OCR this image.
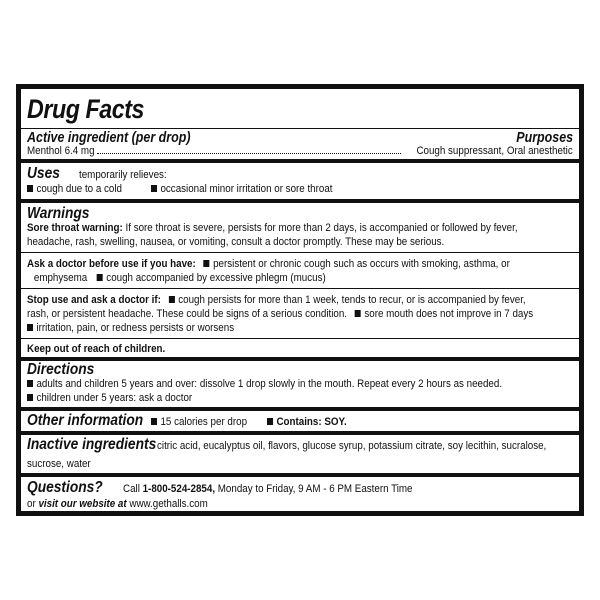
Drug Facts
Active ingredient (per drop)	Purposes
Menthol 6.4 mg	Cough suppressant, Oral anesthetic
Uses temporarily relieves:
cough due to a cold	occasional minor irritation or sore throat
Warnings
Sore throat warning: If sore throat is severe, persists for more than 2 days, is accompanied or followed by fever,
headache, rash, swelling, nausea, or vomiting, consult a doctor promptly. These may be serious.
Ask a doctor before use if you have: persistent or chronic cough such as occurs with smoking, asthma, or
emphysema cough accompanied by excessive phlegm (mucus)
Stop use and ask a doctor if: cough persists for more than 1 week, tends to recur, or is accompanied by fever,
rash, or persistent headache. These could be signs of a serious condition. sore mouth does not improve in 7 days
irritation, pain, or redness persists or worsens
Keep out of reach of children.
Directions
adults and children 5 years and over: dissolve 1 drop slowly in the mouth. Repeat every 2 hours as needed.
children under 5 years: ask a doctor
Other information	15 calories per drop	Contains: SOY.
Inactive ingredients citric acid, eucalyptus oil, flavors, glucose syrup, potassium citrate, soy lecithin, sucralose,
sucrose, water
Questions? Call 1-800-524-2854, Monday to Friday, 9 AM - 6 PM Eastern Time
or visit our website at www.gethalls.com
